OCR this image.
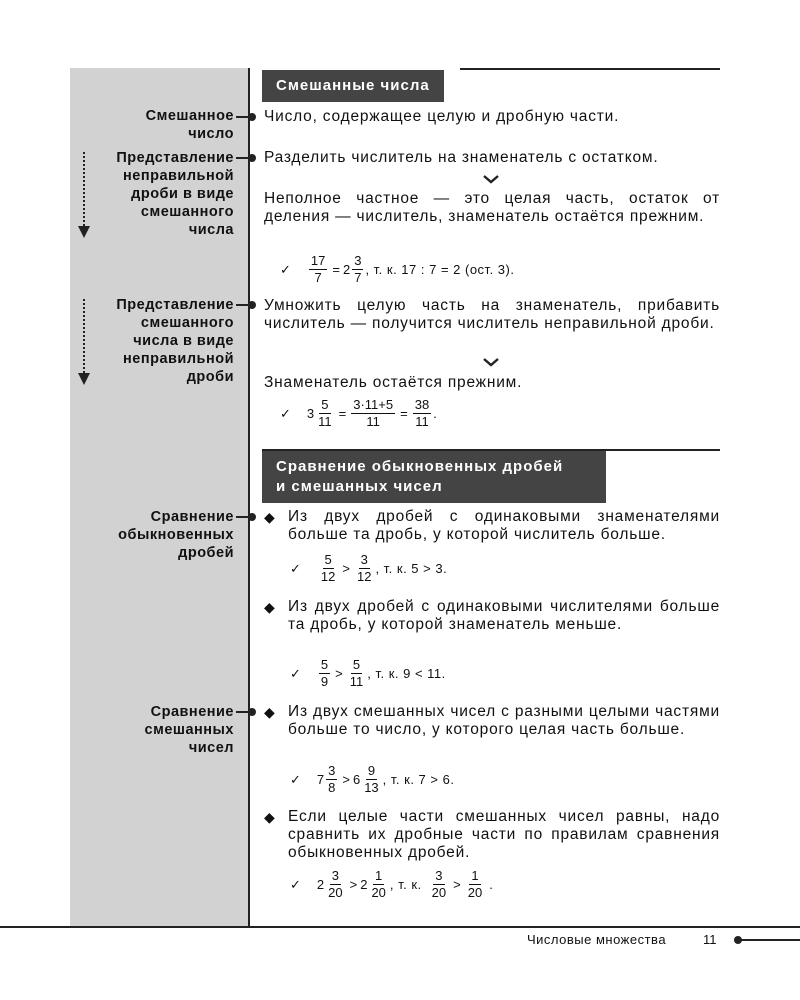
Смешанные числа
Смешанное
число
Число, содержащее целую и дробную части.
Представление
неправильной
дроби в виде
смешанного
числа
Разделить числитель на знаменатель с остатком.
Неполное частное — это целая часть, остаток от деления — числитель, знаменатель остаётся прежним.
✓ $\frac{17}{7} = 2 \frac{3}{7}$ , т. к. 17 : 7 = 2 (ост. 3).
Представление
смешанного
числа в виде
неправильной
дроби
Умножить целую часть на знаменатель, прибавить числитель — получится числитель неправильной дроби.
Знаменатель остаётся прежним.
✓ $3 \frac{5}{11} = \frac{3\cdot 11+5}{11} = \frac{38}{11}$ .
Сравнение обыкновенных дробей
и смешанных чисел
Сравнение
обыкновенных
дробей
◆ Из двух дробей с одинаковыми знаменателями больше та дробь, у которой числитель больше.
✓ $\frac{5}{12} > \frac{3}{12}$ , т. к. 5 > 3.
◆ Из двух дробей с одинаковыми числителями больше та дробь, у которой знаменатель меньше.
✓ $\frac{5}{9} > \frac{5}{11}$ , т. к. 9 < 11.
Сравнение
смешанных
чисел
◆ Из двух смешанных чисел с разными целыми частями больше то число, у которого целая часть больше.
✓ $7 \frac{3}{8} > 6 \frac{9}{13}$ , т. к. 7 > 6.
◆ Если целые части смешанных чисел равны, надо сравнить их дробные части по правилам сравнения обыкновенных дробей.
✓ $2 \frac{3}{20} > 2 \frac{1}{20}$ , т. к. $\frac{3}{20} > \frac{1}{20}$ .
Числовые множества	11
